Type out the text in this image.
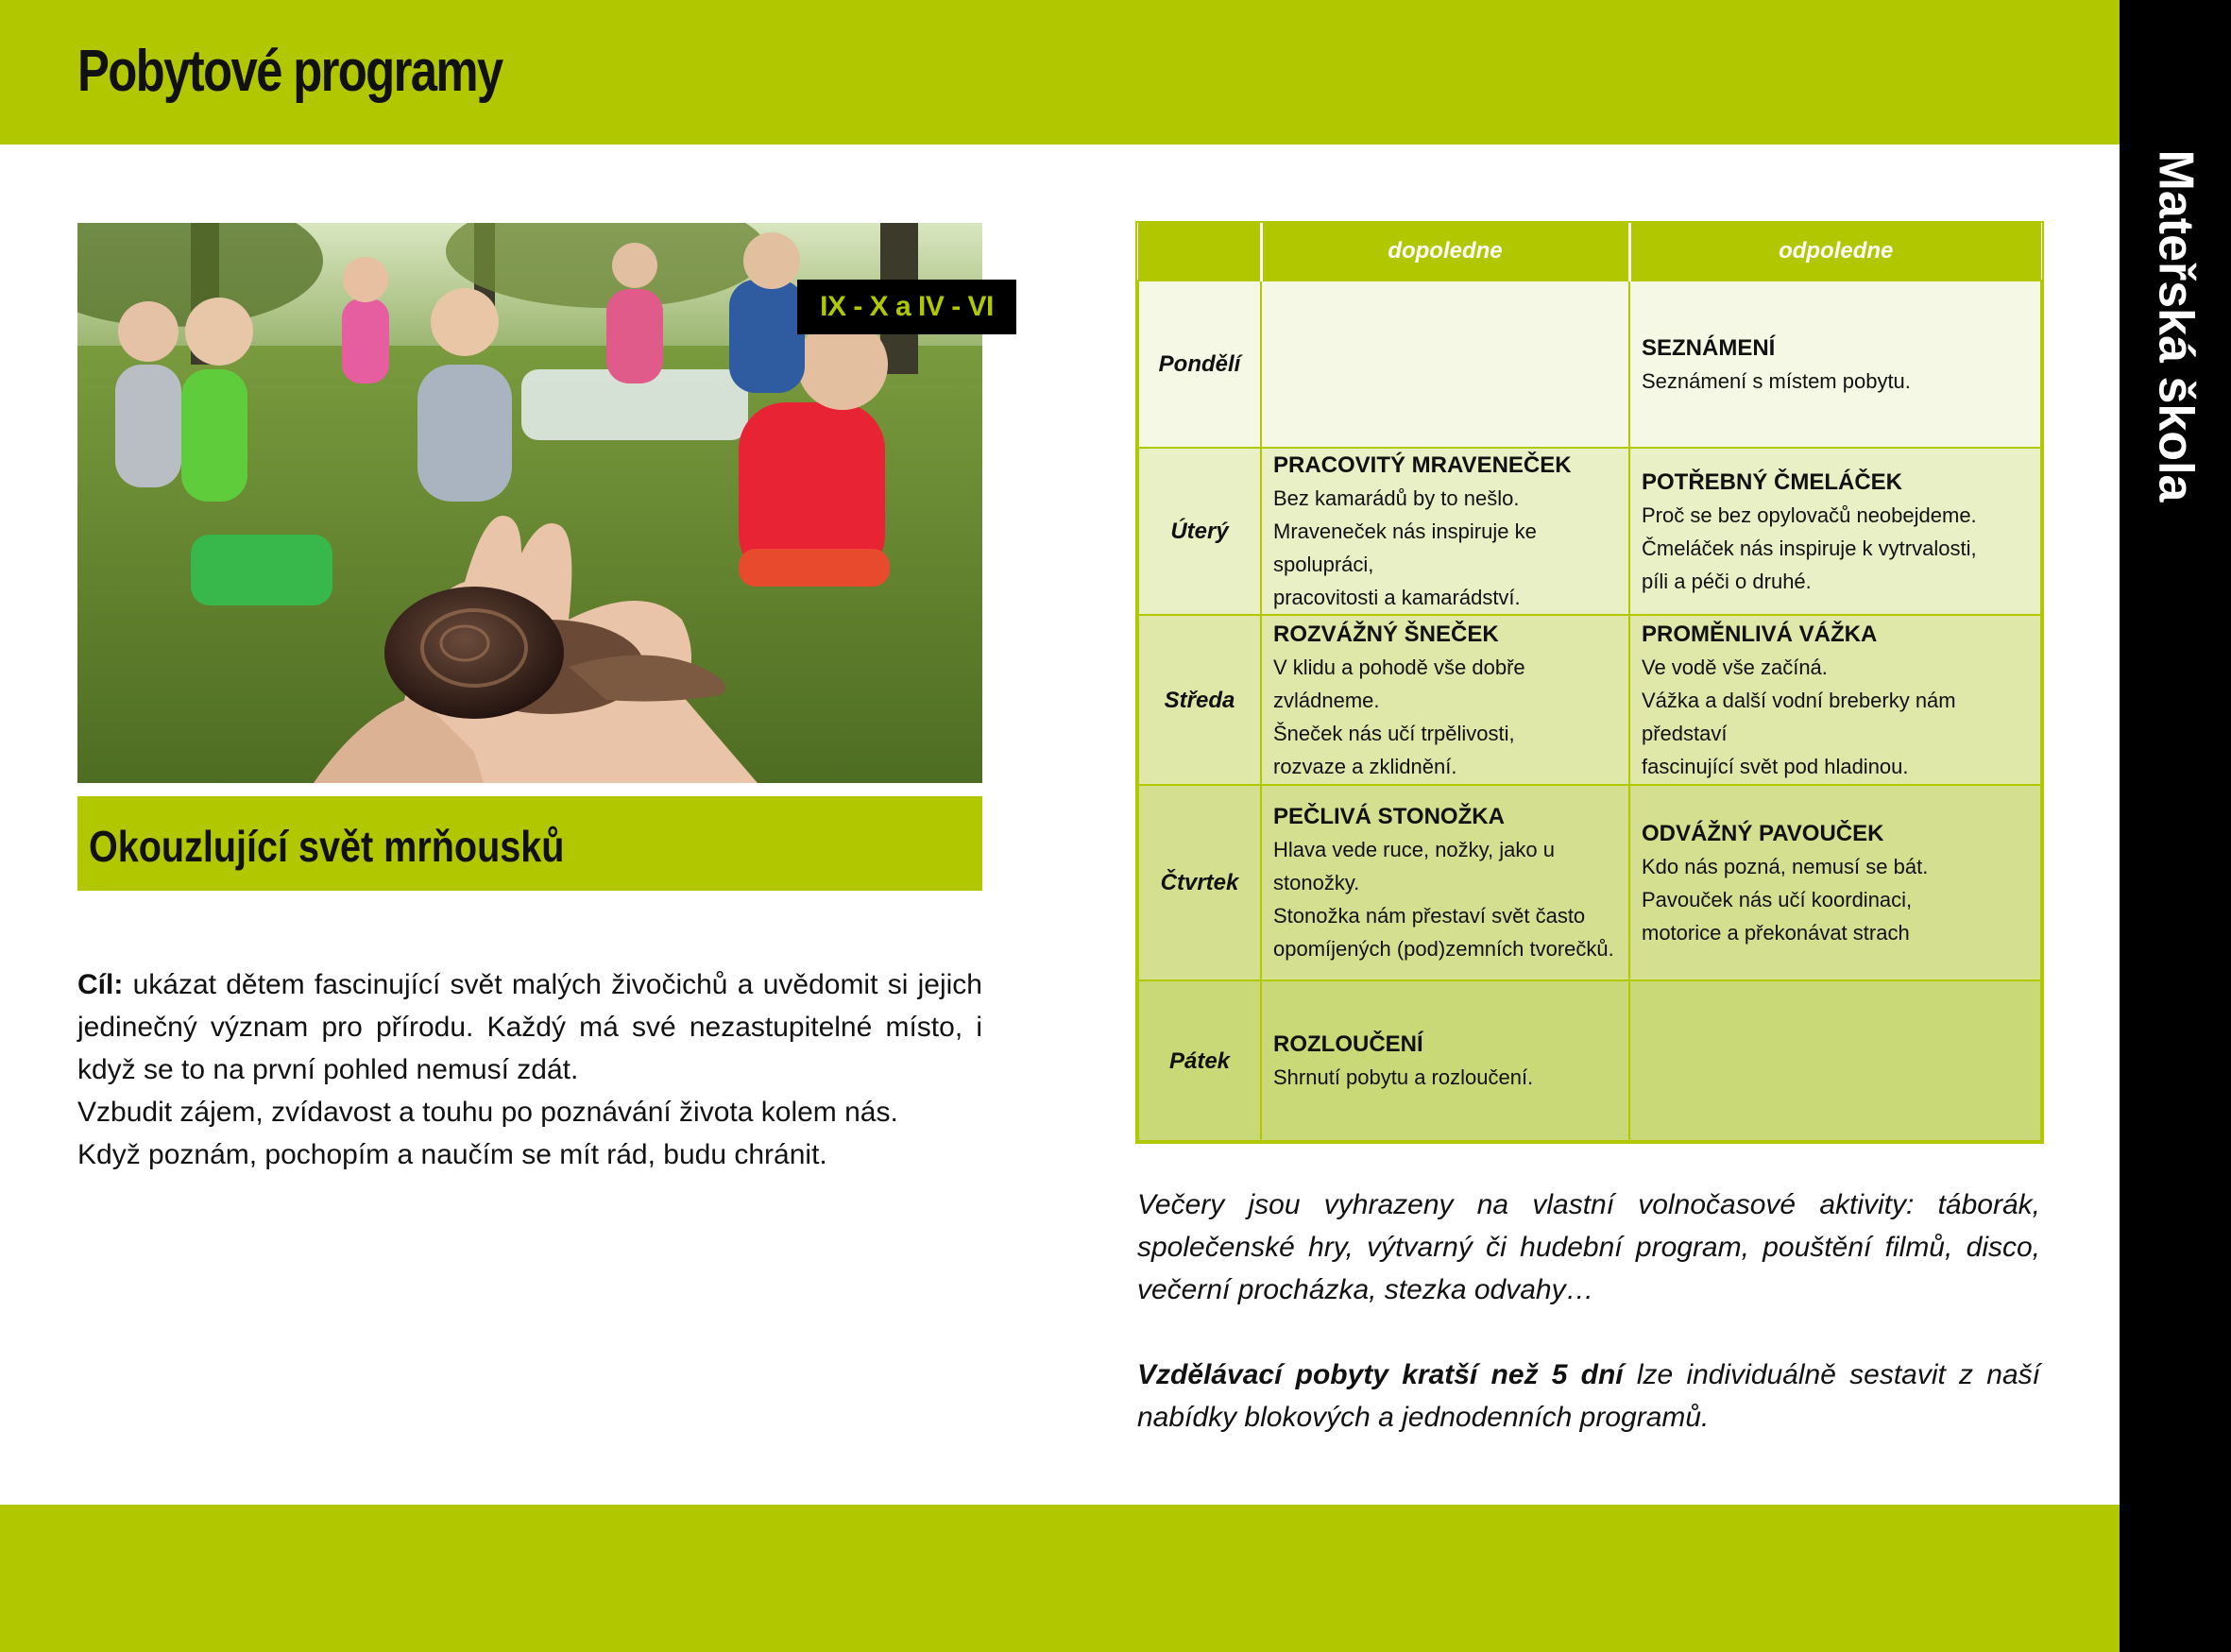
Pobytové programy
Mateřská škola
IX - X a IV - VI
Okouzlující svět mrňousků

Cíl: ukázat dětem fascinující svět malých živočichů a uvědomit si jejich jedinečný význam pro přírodu. Každý má své nezastupitelné místo, i když se to na první pohled nemusí zdát.

Vzbudit zájem, zvídavost a touhu po poznávání života kolem nás.

Když poznám, pochopím a naučím se mít rád, budu chránit.

	dopoledne	odpoledne
Pondělí		SEZNÁMENÍ
Seznámení s místem pobytu.

Úterý	PRACOVITÝ MRAVENEČEK
Bez kamarádů by to nešlo.
Mraveneček nás inspiruje ke spolupráci,
pracovitosti a kamarádství.	POTŘEBNÝ ČMELÁČEK
Proč se bez opylovačů neobejdeme.
Čmeláček nás inspiruje k vytrvalosti,
píli a péči o druhé.

Středa	ROZVÁŽNÝ ŠNEČEK
V klidu a pohodě vše dobře zvládneme.
Šneček nás učí trpělivosti,
rozvaze a zklidnění.	PROMĚNLIVÁ VÁŽKA
Ve vodě vše začíná.
Vážka a další vodní breberky nám představí
fascinující svět pod hladinou.

Čtvrtek	PEČLIVÁ STONOŽKA
Hlava vede ruce, nožky, jako u stonožky.
Stonožka nám přestaví svět často
opomíjených (pod)zemních tvorečků.	ODVÁŽNÝ PAVOUČEK
Kdo nás pozná, nemusí se bát.
Pavouček nás učí koordinaci,
motorice a překonávat strach

Pátek	ROZLOUČENÍ
Shrnutí pobytu a rozloučení.	

Večery jsou vyhrazeny na vlastní volnočasové aktivity: táborák, společenské hry, výtvarný či hudební program, pouštění filmů, disco, večerní procházka, stezka odvahy…

Vzdělávací pobyty kratší než 5 dní lze individuálně sestavit z naší nabídky blokových a jednodenních programů.
